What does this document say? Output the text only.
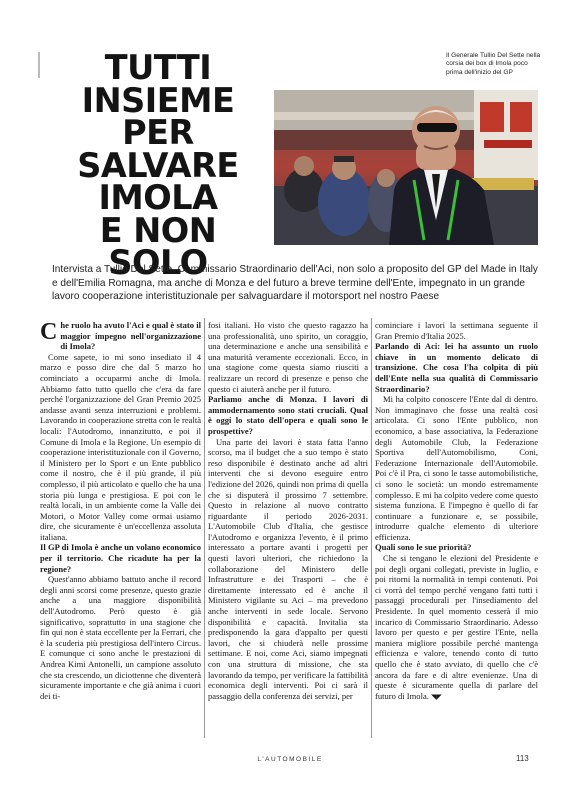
TUTTI
INSIEME
PER
SALVARE
IMOLA
E NON SOLO
Il Generale Tullio Del Sette nella corsia dei box di Imola poco prima dell'inizio del GP
Intervista a Tullio Del Sette, Commissario Straordinario dell'Aci, non solo a proposito del GP del Made in Italy e dell'Emilia Romagna, ma anche di Monza e del futuro a breve termine dell'Ente, impegnato in un grande lavoro cooperazione interistituzionale per salvaguardare il motorsport nel nostro Paese

Che ruolo ha avuto l'Aci e qual è stato il maggior impegno nell'organizzazione di Imola?

Come sapete, io mi sono insediato il 4 marzo e posso dire che dal 5 marzo ho cominciato a occuparmi anche di Imola. Abbiamo fatto tutto quello che c'era da fare perché l'organizzazione del Gran Premio 2025 andasse avanti senza interruzioni e problemi. Lavorando in cooperazione stretta con le realtà locali: l'Autodromo, innanzitutto, e poi il Comune di Imola e la Regione. Un esempio di cooperazione interistituzionale con il Governo, il Ministero per lo Sport e un Ente pubblico come il nostro, che è il più grande, il più complesso, il più articolato e quello che ha una storia più lunga e prestigiosa. E poi con le realtà locali, in un ambiente come la Valle dei Motori, o Motor Valley come ormai usiamo dire, che sicuramente è un'eccellenza assoluta italiana.

Il GP di Imola è anche un volano economico per il territorio. Che ricadute ha per la regione?

Quest'anno abbiamo battuto anche il record degli anni scorsi come presenze, questo grazie anche a una maggiore disponibilità dell'Autodromo. Però questo è già significativo, soprattutto in una stagione che fin qui non è stata eccellente per la Ferrari, che è la scuderia più prestigiosa dell'intero Circus. E comunque ci sono anche le prestazioni di Andrea Kimi Antonelli, un campione assoluto che sta crescendo, un diciottenne che diventerà sicuramente importante e che già anima i cuori dei ti-

fosi italiani. Ho visto che questo ragazzo ha una professionalità, uno spirito, un coraggio, una determinazione e anche una sensibilità e una maturità veramente eccezionali. Ecco, in una stagione come questa siamo riusciti a realizzare un record di presenze e penso che questo ci aiuterà anche per il futuro.

Parliamo anche di Monza. I lavori di ammodernamento sono stati cruciali. Qual è oggi lo stato dell'opera e quali sono le prospettive?

Una parte dei lavori è stata fatta l'anno scorso, ma il budget che a suo tempo è stato reso disponibile è destinato anche ad altri interventi che si devono eseguire entro l'edizione del 2026, quindi non prima di quella che si disputerà il prossimo 7 settembre. Questo in relazione al nuovo contratto riguardante il periodo 2026-2031. L'Automobile Club d'Italia, che gestisce l'Autodromo e organizza l'evento, è il primo interessato a portare avanti i progetti per questi lavori ulteriori, che richiedono la collaborazione del Ministero delle Infrastrutture e dei Trasporti – che è direttamente interessato ed è anche il Ministero vigilante su Aci – ma prevedono anche interventi in sede locale. Servono disponibilità e capacità. Invitalia sta predisponendo la gara d'appalto per questi lavori, che si chiuderà nelle prossime settimane. E noi, come Aci, siamo impegnati con una struttura di missione, che sta lavorando da tempo, per verificare la fattibilità economica degli interventi. Poi ci sarà il passaggio della conferenza dei servizi, per

cominciare i lavori la settimana seguente il Gran Premio d'Italia 2025.

Parlando di Aci: lei ha assunto un ruolo chiave in un momento delicato di transizione. Che cosa l'ha colpita di più dell'Ente nella sua qualità di Commissario Straordinario?

Mi ha colpito conoscere l'Ente dal di dentro. Non immaginavo che fosse una realtà così articolata. Ci sono l'Ente pubblico, non economico, a base associativa, la Federazione degli Automobile Club, la Federazione Sportiva dell'Automobilismo, Coni, Federazione Internazionale dell'Automobile. Poi c'è il Pra, ci sono le tasse automobilistiche, ci sono le società: un mondo estremamente complesso. E mi ha colpito vedere come questo sistema funziona. E l'impegno è quello di far continuare a funzionare e, se possibile, introdurre qualche elemento di ulteriore efficienza.

Quali sono le sue priorità?

Che si tengano le elezioni del Presidente e poi degli organi collegati, previste in luglio, e poi ritorni la normalità in tempi contenuti. Poi ci vorrà del tempo perché vengano fatti tutti i passaggi procedurali per l'insediamento del Presidente. In quel momento cesserà il mio incarico di Commissario Straordinario. Adesso lavoro per questo e per gestire l'Ente, nella maniera migliore possibile perché mantenga efficienza e valore, tenendo conto di tutto quello che è stato avviato, di quello che c'è ancora da fare e di altre evenienze. Una di queste è sicuramente quella di parlare del futuro di Imola. ◥◤

L'AUTOMOBILE	113
